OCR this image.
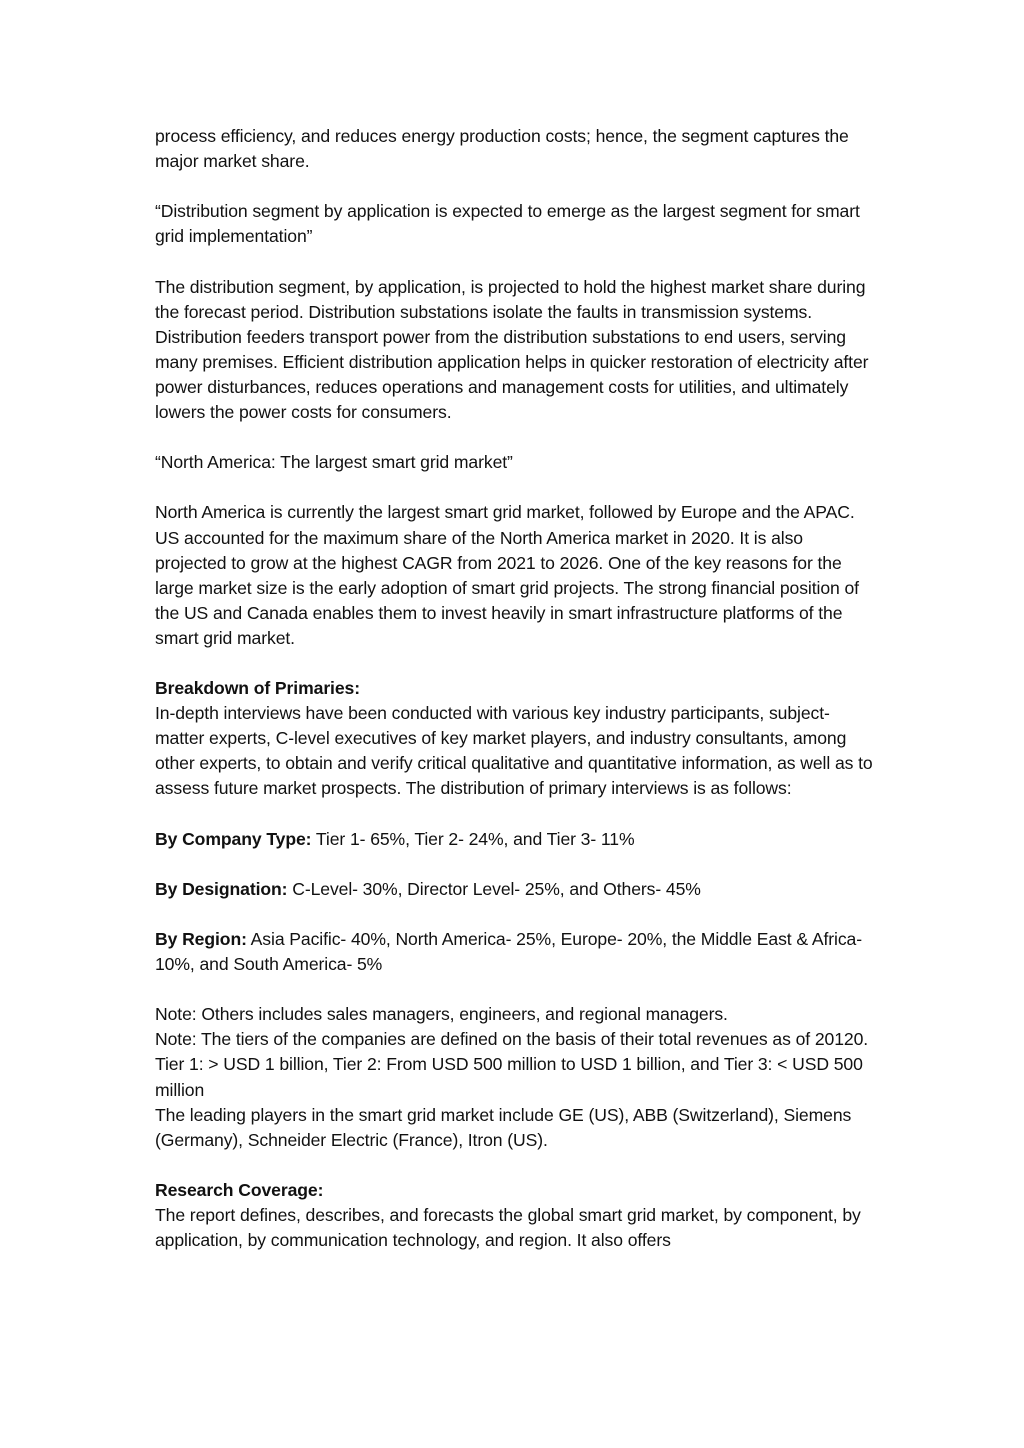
process efficiency, and reduces energy production costs; hence, the segment captures the major market share.

“Distribution segment by application is expected to emerge as the largest segment for smart grid implementation”

The distribution segment, by application, is projected to hold the highest market share during the forecast period. Distribution substations isolate the faults in transmission systems. Distribution feeders transport power from the distribution substations to end users, serving many premises. Efficient distribution application helps in quicker restoration of electricity after power disturbances, reduces operations and management costs for utilities, and ultimately lowers the power costs for consumers.

“North America: The largest smart grid market”

North America is currently the largest smart grid market, followed by Europe and the APAC. US accounted for the maximum share of the North America market in 2020. It is also projected to grow at the highest CAGR from 2021 to 2026. One of the key reasons for the large market size is the early adoption of smart grid projects. The strong financial position of the US and Canada enables them to invest heavily in smart infrastructure platforms of the smart grid market.

Breakdown of Primaries:
In-depth interviews have been conducted with various key industry participants, subject-matter experts, C-level executives of key market players, and industry consultants, among other experts, to obtain and verify critical qualitative and quantitative information, as well as to assess future market prospects. The distribution of primary interviews is as follows:

By Company Type: Tier 1- 65%, Tier 2- 24%, and Tier 3- 11%

By Designation: C-Level- 30%, Director Level- 25%, and Others- 45%

By Region: Asia Pacific- 40%, North America- 25%, Europe- 20%, the Middle East & Africa- 10%, and South America- 5%

Note: Others includes sales managers, engineers, and regional managers.
Note: The tiers of the companies are defined on the basis of their total revenues as of 20120. Tier 1: > USD 1 billion, Tier 2: From USD 500 million to USD 1 billion, and Tier 3: < USD 500 million
The leading players in the smart grid market include GE (US), ABB (Switzerland), Siemens (Germany), Schneider Electric (France), Itron (US).
Research Coverage:
The report defines, describes, and forecasts the global smart grid market, by component, by application, by communication technology, and region. It also offers
